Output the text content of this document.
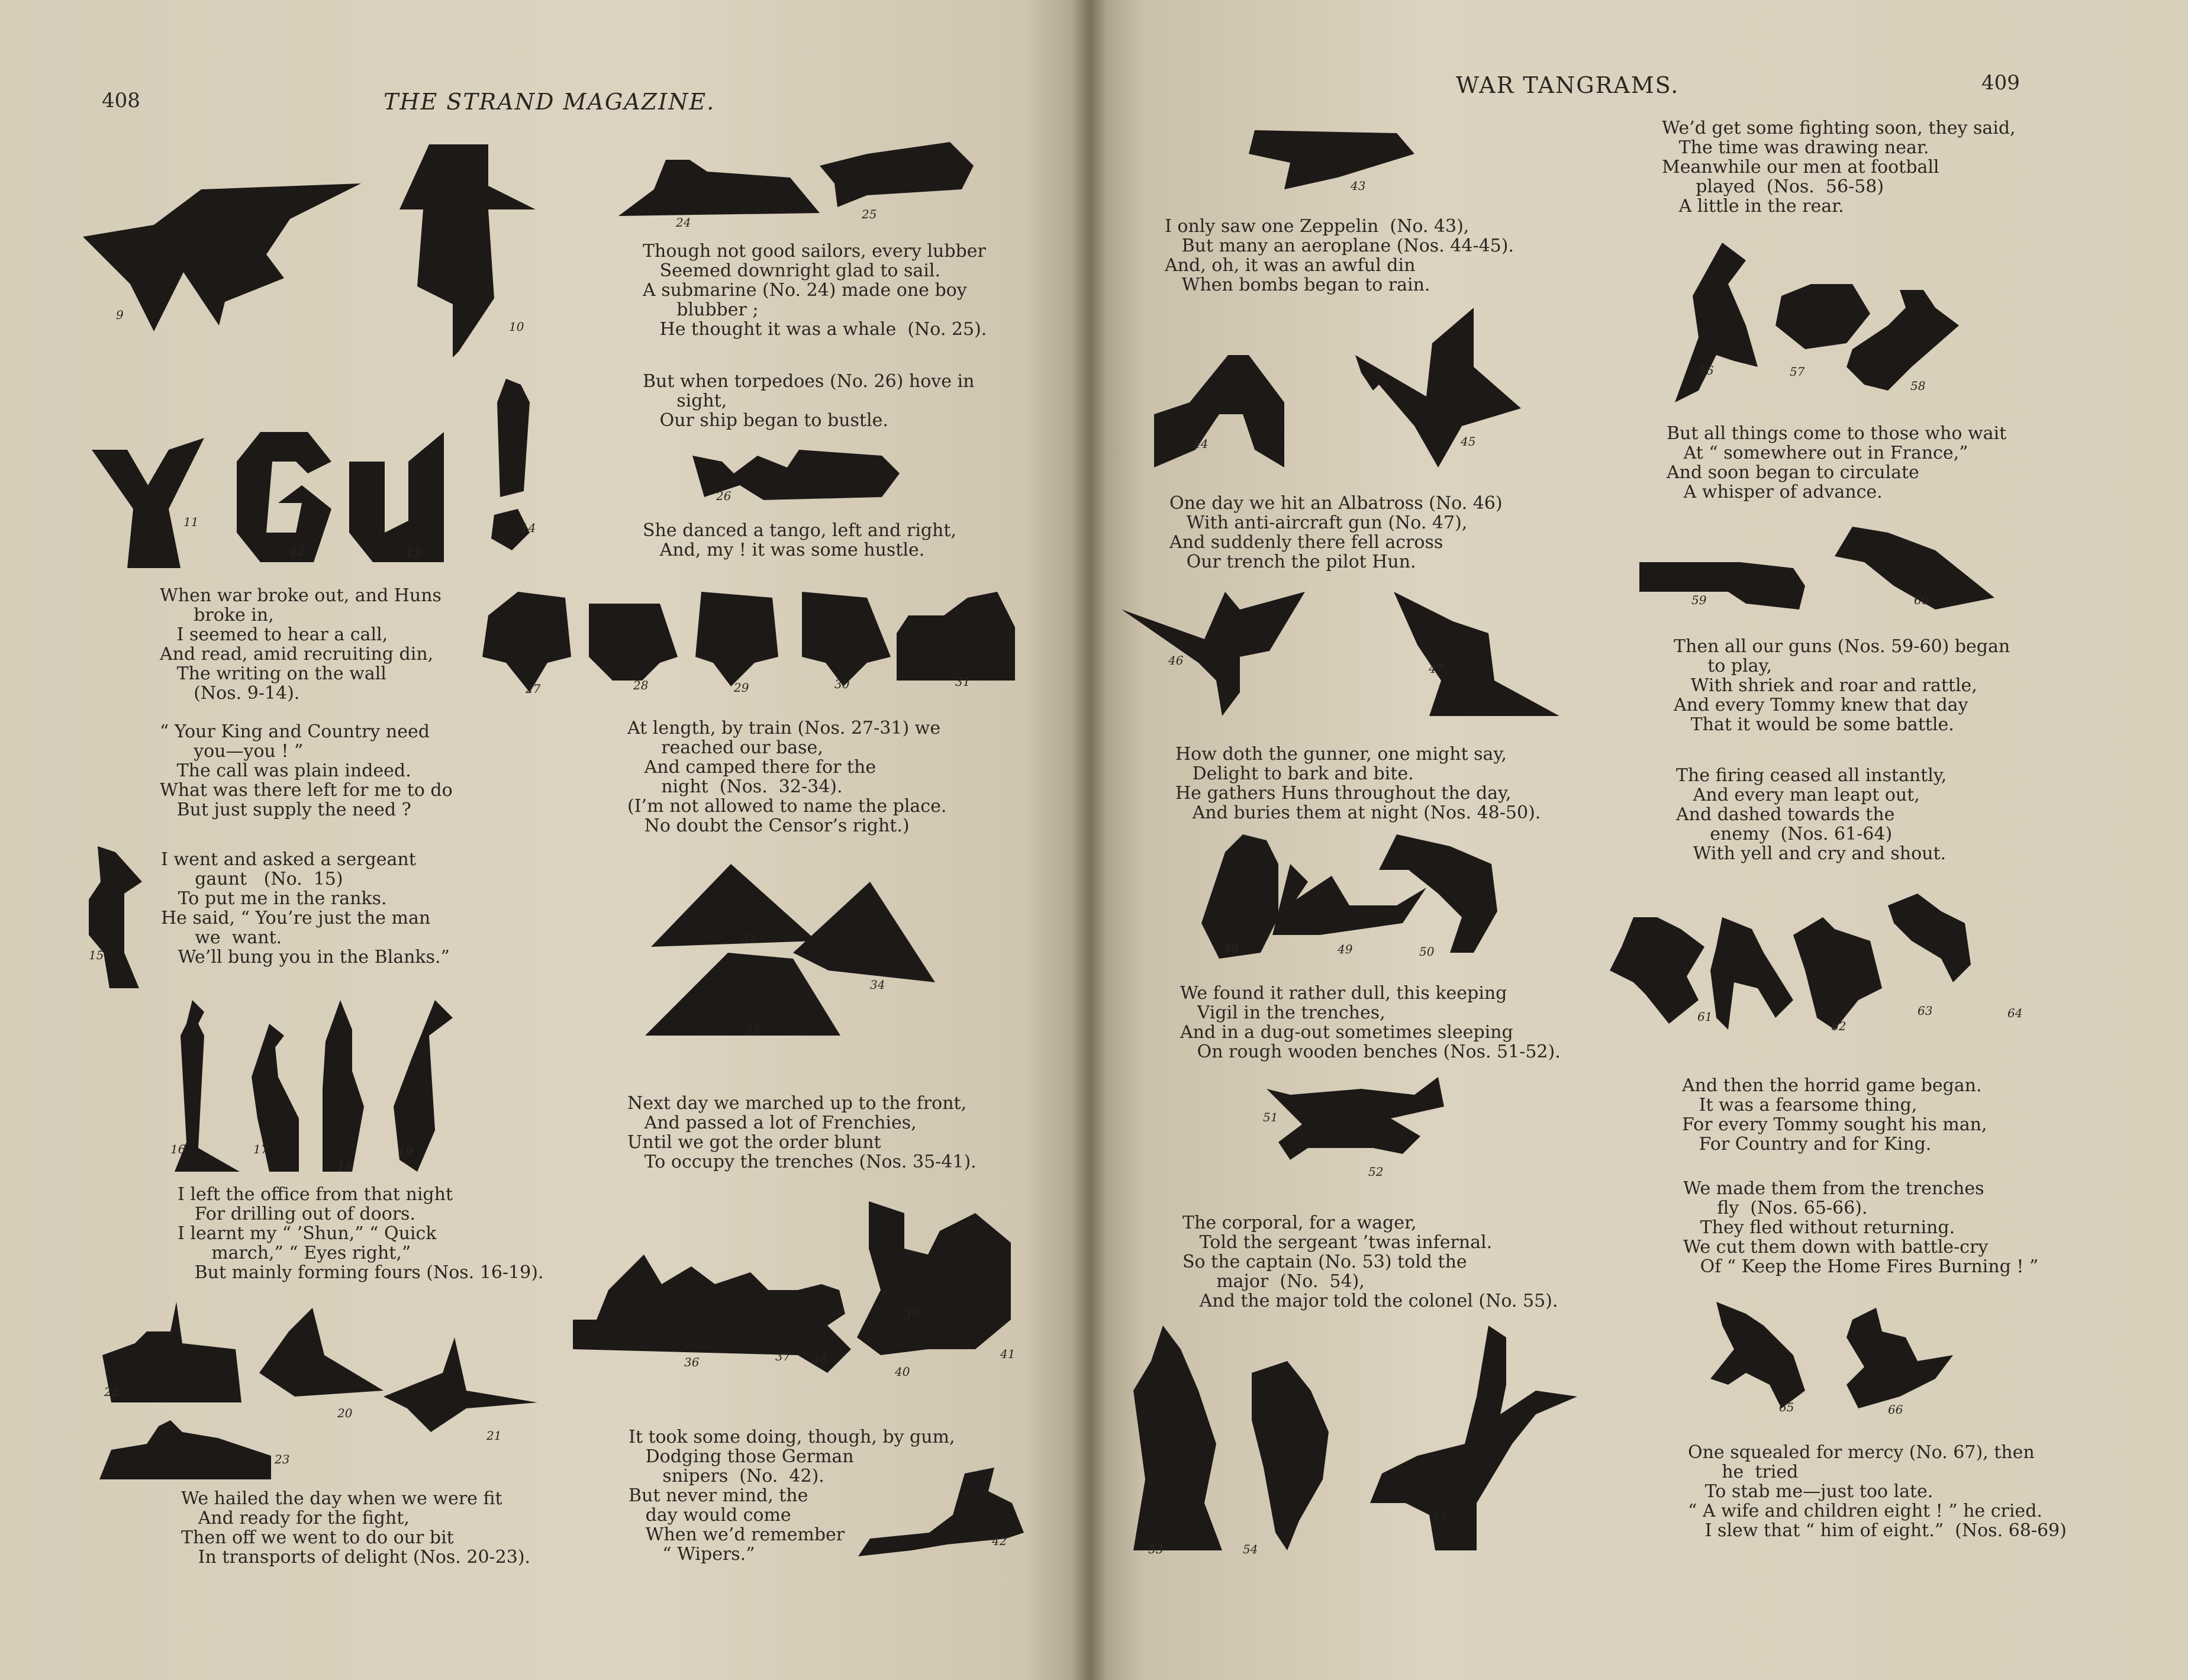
408	THE STRAND MAGAZINE.
WAR TANGRAMS.	409
Though not good sailors, every lubber
Seemed downright glad to sail.
A submarine (No. 24) made one boy
blubber ;
He thought it was a whale  (No. 25).
But when torpedoes (No. 26) hove in
sight,
Our ship began to bustle.
She danced a tango, left and right,
And, my ! it was some hustle.
When war broke out, and Huns
broke in,
I seemed to hear a call,
And read, amid recruiting din,
The writing on the wall
(Nos. 9-14).
“ Your King and Country need
you—you ! ”
The call was plain indeed.
What was there left for me to do
But just supply the need ?
At length, by train (Nos. 27-31) we
reached our base,
And camped there for the
night  (Nos.  32-34).
(I’m not allowed to name the place.
No doubt the Censor’s right.)
I went and asked a sergeant
gaunt   (No.  15)
To put me in the ranks.
He said, “ You’re just the man
we  want.
We’ll bung you in the Blanks.”
Next day we marched up to the front,
And passed a lot of Frenchies,
Until we got the order blunt
To occupy the trenches (Nos. 35-41).
I left the office from that night
For drilling out of doors.
I learnt my “ ’Shun,” “ Quick
march,” “ Eyes right,”
But mainly forming fours (Nos. 16-19).
It took some doing, though, by gum,
Dodging those German
snipers  (No.  42).
But never mind, the
day would come
When we’d remember
“ Wipers.”
We hailed the day when we were fit
And ready for the fight,
Then off we went to do our bit
In transports of delight (Nos. 20-23).
I only saw one Zeppelin  (No. 43),
But many an aeroplane (Nos. 44-45).
And, oh, it was an awful din
When bombs began to rain.
We’d get some fighting soon, they said,
The time was drawing near.
Meanwhile our men at football
played  (Nos.  56-58)
A little in the rear.
But all things come to those who wait
At “ somewhere out in France,”
And soon began to circulate
A whisper of advance.
One day we hit an Albatross (No. 46)
With anti-aircraft gun (No. 47),
And suddenly there fell across
Our trench the pilot Hun.
Then all our guns (Nos. 59-60) began
to play,
With shriek and roar and rattle,
And every Tommy knew that day
That it would be some battle.
How doth the gunner, one might say,
Delight to bark and bite.
He gathers Huns throughout the day,
And buries them at night (Nos. 48-50).
The firing ceased all instantly,
And every man leapt out,
And dashed towards the
enemy  (Nos. 61-64)
With yell and cry and shout.
We found it rather dull, this keeping
Vigil in the trenches,
And in a dug-out sometimes sleeping
On rough wooden benches (Nos. 51-52).
And then the horrid game began.
It was a fearsome thing,
For every Tommy sought his man,
For Country and for King.
We made them from the trenches
fly  (Nos. 65-66).
They fled without returning.
We cut them down with battle-cry
Of “ Keep the Home Fires Burning ! ”
The corporal, for a wager,
Told the sergeant ’twas infernal.
So the captain (No. 53) told the
major  (No.  54),
And the major told the colonel (No. 55).
One squealed for mercy (No. 67), then
he  tried
To stab me—just too late.
“ A wife and children eight ! ” he cried.
I slew that “ him of eight.”  (Nos. 68-69)
9
10
11
12	13
14
15
16	17
18
19
20
21
22
23
24
25
26
27	28	29	30	31
32
33
34
36	37 38
39
40
41
42
43
44	45
46
47
48	49	50
51
52
53	54
55
56	57
58
59	60
61
62
63	64
65	66
